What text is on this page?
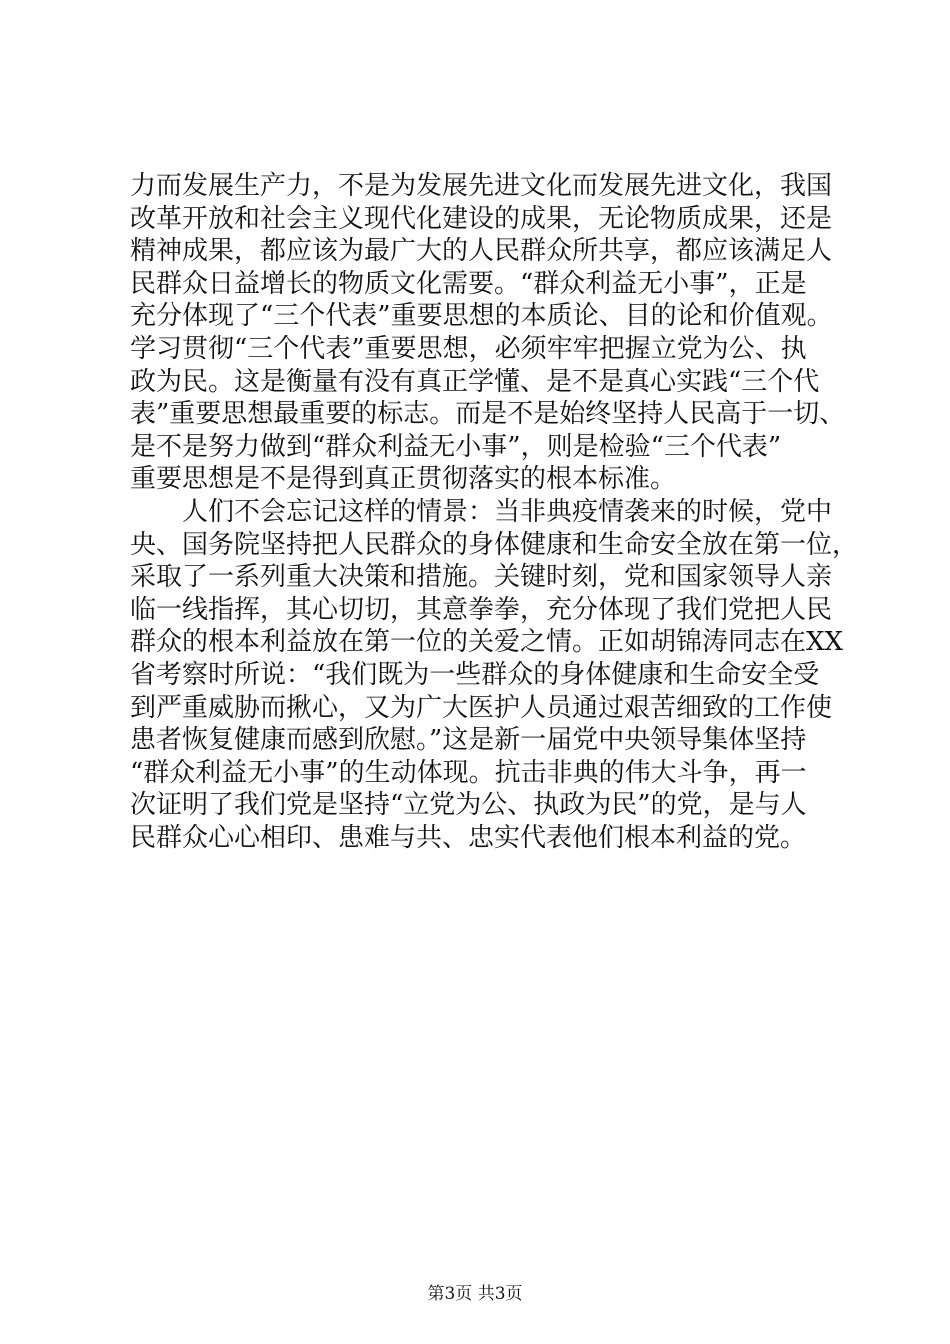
力而发展生产力，不是为发展先进文化而发展先进文化，我国
改革开放和社会主义现代化建设的成果，无论物质成果，还是
精神成果，都应该为最广大的人民群众所共享，都应该满足人
民群众日益增长的物质文化需要。“群众利益无小事”，正是
充分体现了“三个代表”重要思想的本质论、目的论和价值观。
学习贯彻“三个代表”重要思想，必须牢牢把握立党为公、执
政为民。这是衡量有没有真正学懂、是不是真心实践“三个代
表”重要思想最重要的标志。而是不是始终坚持人民高于一切、
是不是努力做到“群众利益无小事”，则是检验“三个代表”
重要思想是不是得到真正贯彻落实的根本标准。
　　人们不会忘记这样的情景：当非典疫情袭来的时候，党中
央、国务院坚持把人民群众的身体健康和生命安全放在第一位，
采取了一系列重大决策和措施。关键时刻，党和国家领导人亲
临一线指挥，其心切切，其意拳拳，充分体现了我们党把人民
群众的根本利益放在第一位的关爱之情。正如胡锦涛同志在XX
省考察时所说：“我们既为一些群众的身体健康和生命安全受
到严重威胁而揪心，又为广大医护人员通过艰苦细致的工作使
患者恢复健康而感到欣慰。”这是新一届党中央领导集体坚持
“群众利益无小事”的生动体现。抗击非典的伟大斗争，再一
次证明了我们党是坚持“立党为公、执政为民”的党，是与人
民群众心心相印、患难与共、忠实代表他们根本利益的党。
第3页 共3页
